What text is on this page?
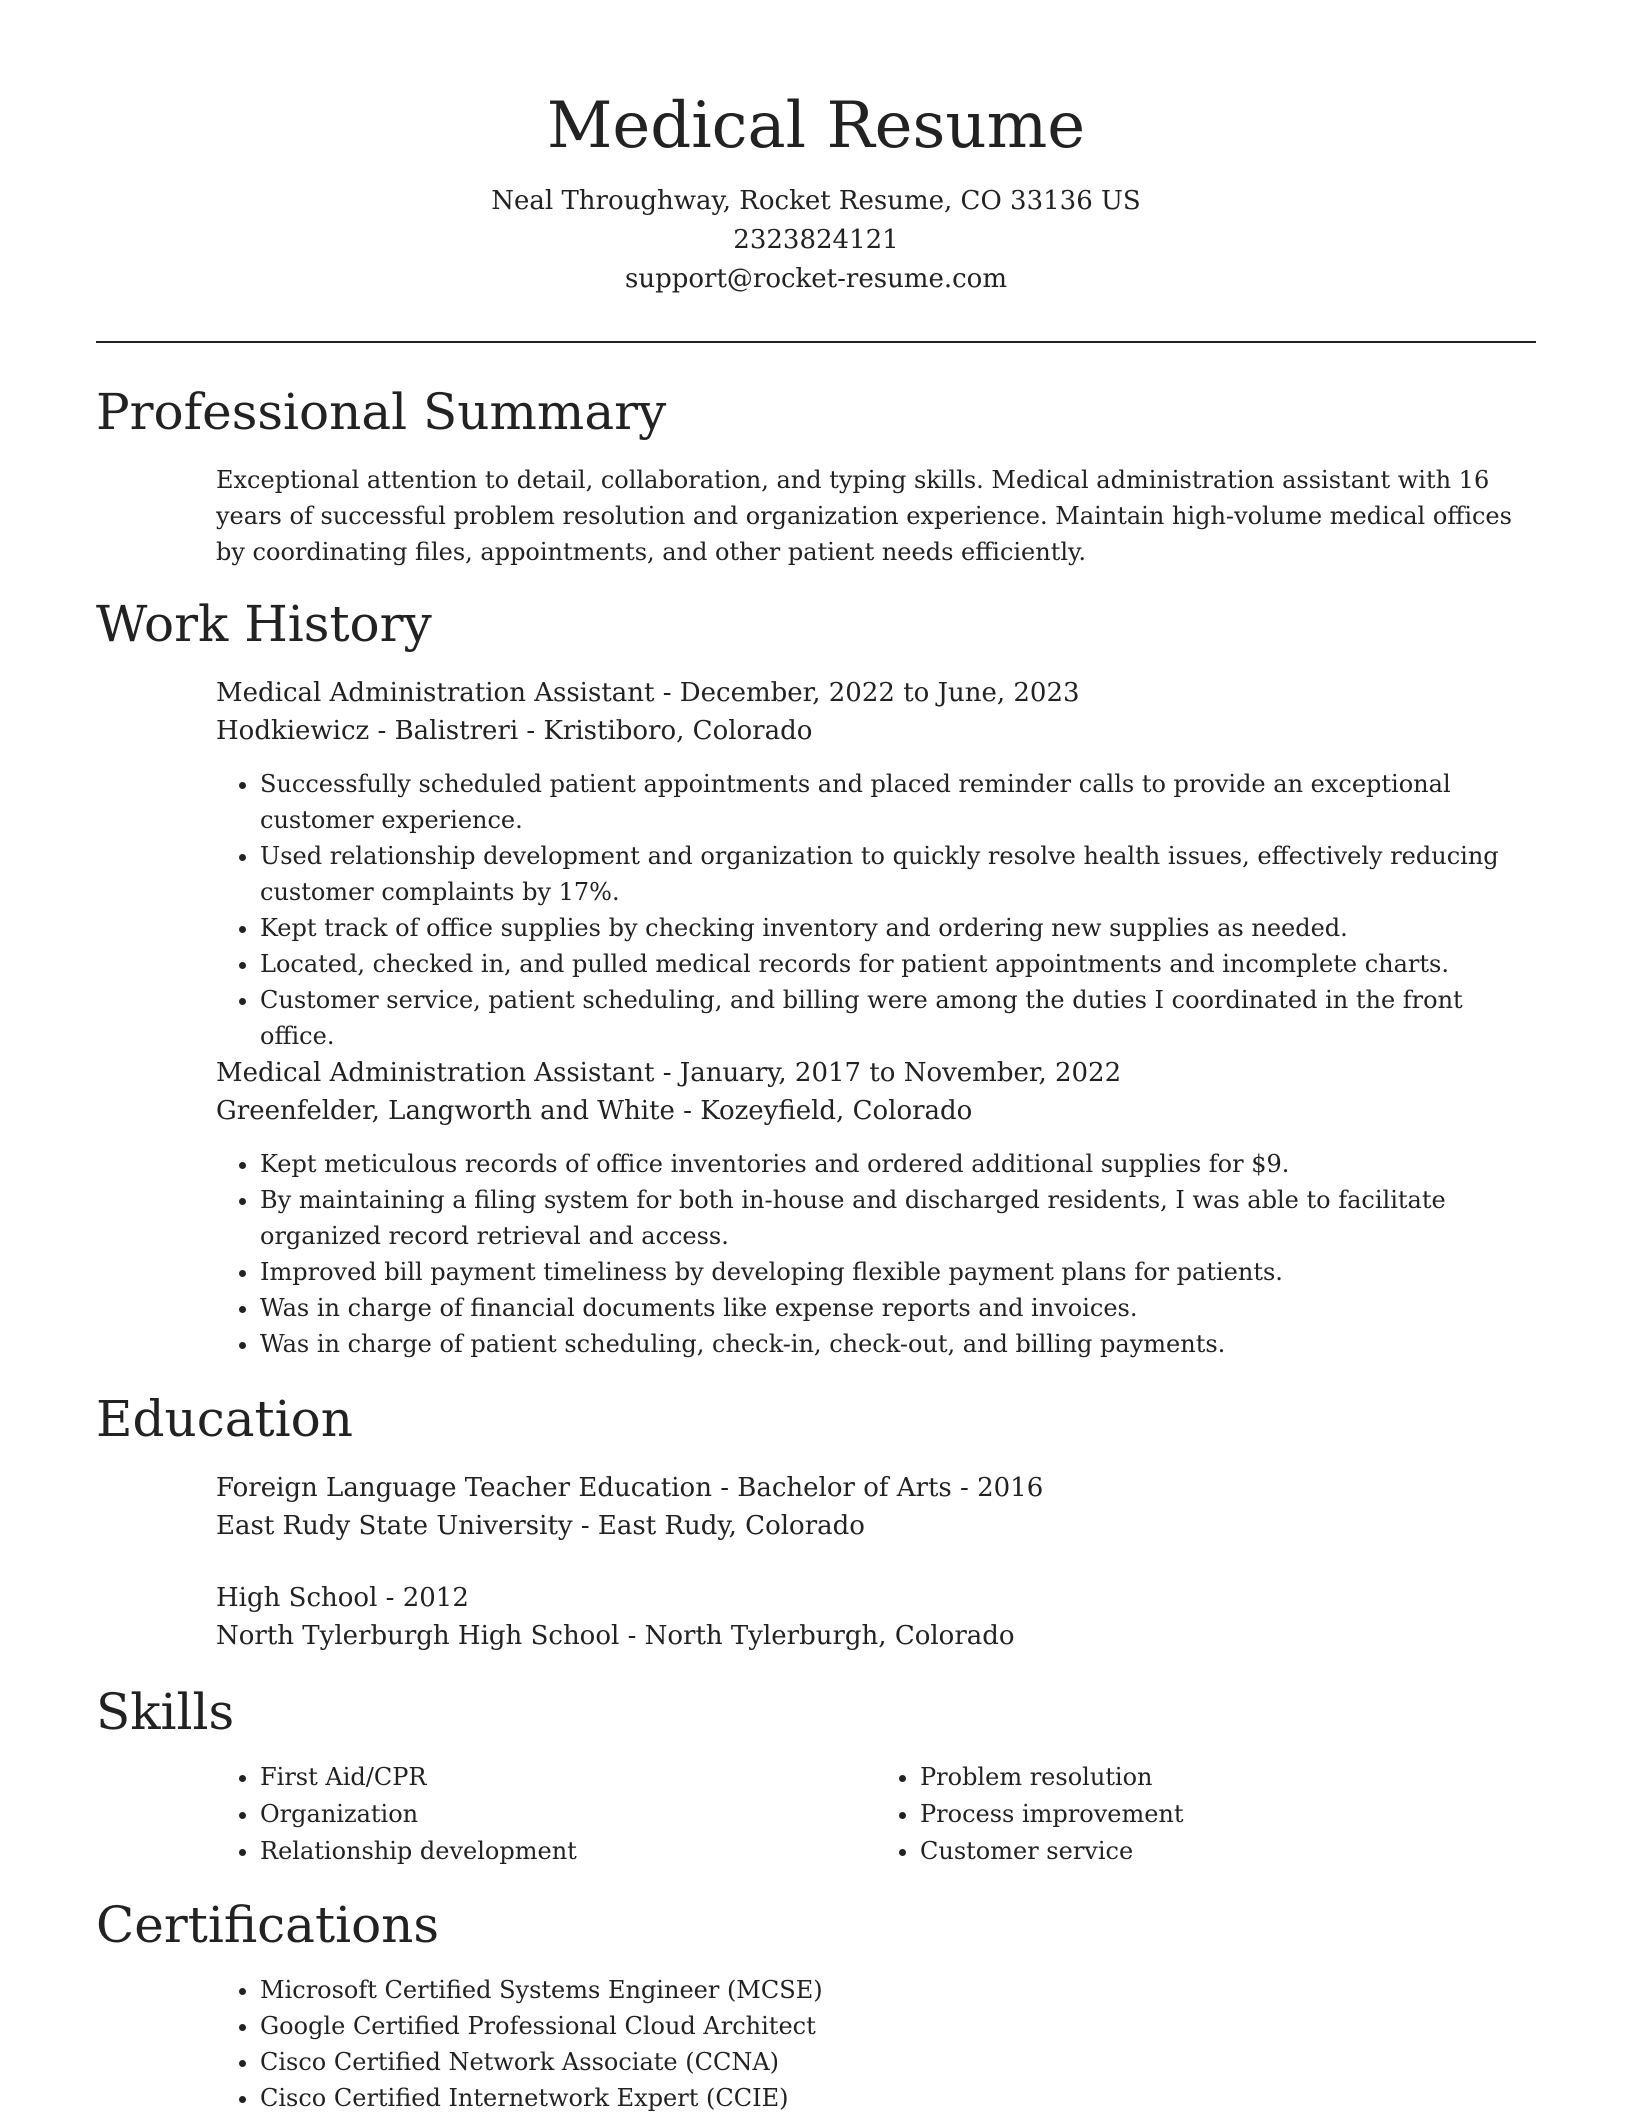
Medical Resume

Neal Throughway, Rocket Resume, CO 33136 US

2323824121

support@rocket-resume.com

Professional Summary

Exceptional attention to detail, collaboration, and typing skills. Medical administration assistant with 16 years of successful problem resolution and organization experience. Maintain high-volume medical offices by coordinating files, appointments, and other patient needs efficiently.

Work History

Medical Administration Assistant - December, 2022 to June, 2023

Hodkiewicz - Balistreri - Kristiboro, Colorado

• Successfully scheduled patient appointments and placed reminder calls to provide an exceptional customer experience.
• Used relationship development and organization to quickly resolve health issues, effectively reducing customer complaints by 17%.
• Kept track of office supplies by checking inventory and ordering new supplies as needed.
• Located, checked in, and pulled medical records for patient appointments and incomplete charts.
• Customer service, patient scheduling, and billing were among the duties I coordinated in the front office.

Medical Administration Assistant - January, 2017 to November, 2022

Greenfelder, Langworth and White - Kozeyfield, Colorado

• Kept meticulous records of office inventories and ordered additional supplies for $9.
• By maintaining a filing system for both in-house and discharged residents, I was able to facilitate organized record retrieval and access.
• Improved bill payment timeliness by developing flexible payment plans for patients.
• Was in charge of financial documents like expense reports and invoices.
• Was in charge of patient scheduling, check-in, check-out, and billing payments.
Education

Foreign Language Teacher Education - Bachelor of Arts - 2016

East Rudy State University - East Rudy, Colorado

High School - 2012

North Tylerburgh High School - North Tylerburgh, Colorado

Skills
• First Aid/CPR
• Organization
• Relationship development
• Problem resolution
• Process improvement
• Customer service
Certifications
• Microsoft Certified Systems Engineer (MCSE)
• Google Certified Professional Cloud Architect
• Cisco Certified Network Associate (CCNA)
• Cisco Certified Internetwork Expert (CCIE)
